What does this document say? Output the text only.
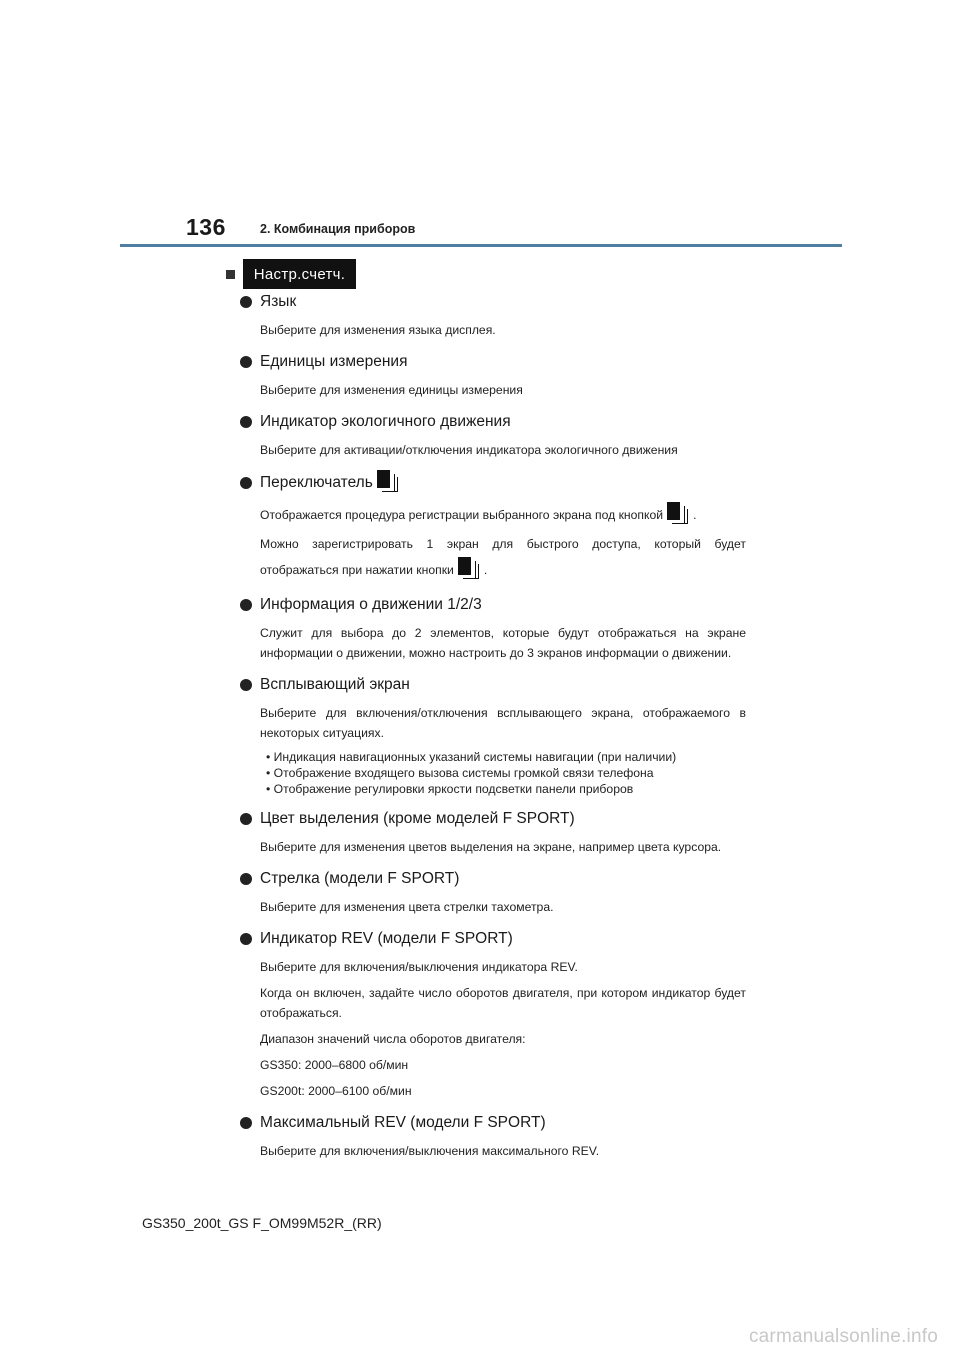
136	2. Комбинация приборов
Настр.счетч.
Язык

Выберите для изменения языка дисплея.

Единицы измерения

Выберите для изменения единицы измерения

Индикатор экологичного движения

Выберите для активации/отключения индикатора экологичного движения

Переключатель

Отображается процедура регистрации выбранного экрана под кнопкой .

Можно зарегистрировать 1 экран для быстрого доступа, который будет отображаться при нажатии кнопки .

Информация о движении 1/2/3

Служит для выбора до 2 элементов, которые будут отображаться на экране информации о движении, можно настроить до 3 экранов информации о движении.

Всплывающий экран

Выберите для включения/отключения всплывающего экрана, отображаемого в некоторых ситуациях.

• Индикация навигационных указаний системы навигации (при наличии)
• Отображение входящего вызова системы громкой связи телефона
• Отображение регулировки яркости подсветки панели приборов
Цвет выделения (кроме моделей F SPORT)

Выберите для изменения цветов выделения на экране, например цвета курсора.

Стрелка (модели F SPORT)

Выберите для изменения цвета стрелки тахометра.

Индикатор REV (модели F SPORT)

Выберите для включения/выключения индикатора REV.

Когда он включен, задайте число оборотов двигателя, при котором индикатор будет отображаться.

Диапазон значений числа оборотов двигателя:

GS350: 2000–6800 об/мин

GS200t: 2000–6100 об/мин

Максимальный REV (модели F SPORT)

Выберите для включения/выключения максимального REV.

GS350_200t_GS F_OM99M52R_(RR)
carmanualsonline.info
